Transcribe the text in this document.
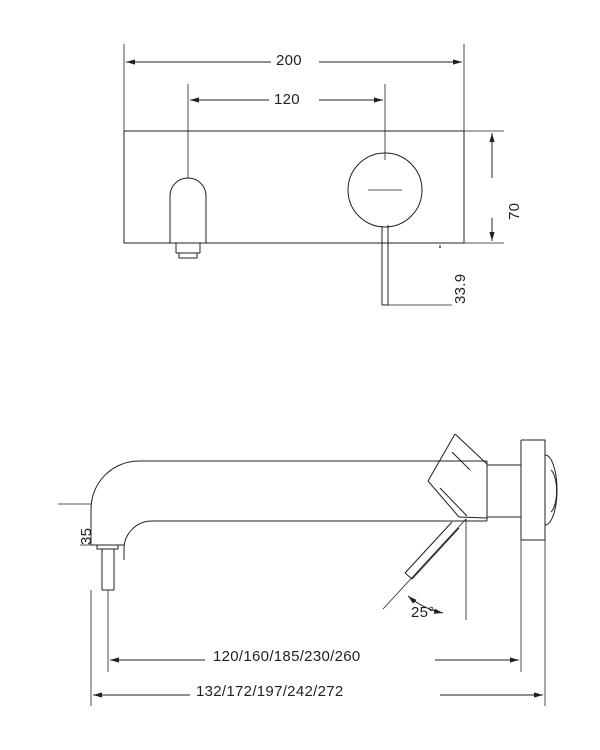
200
120
70
33.9
35
25°
120/160/185/230/260
132/172/197/242/272
